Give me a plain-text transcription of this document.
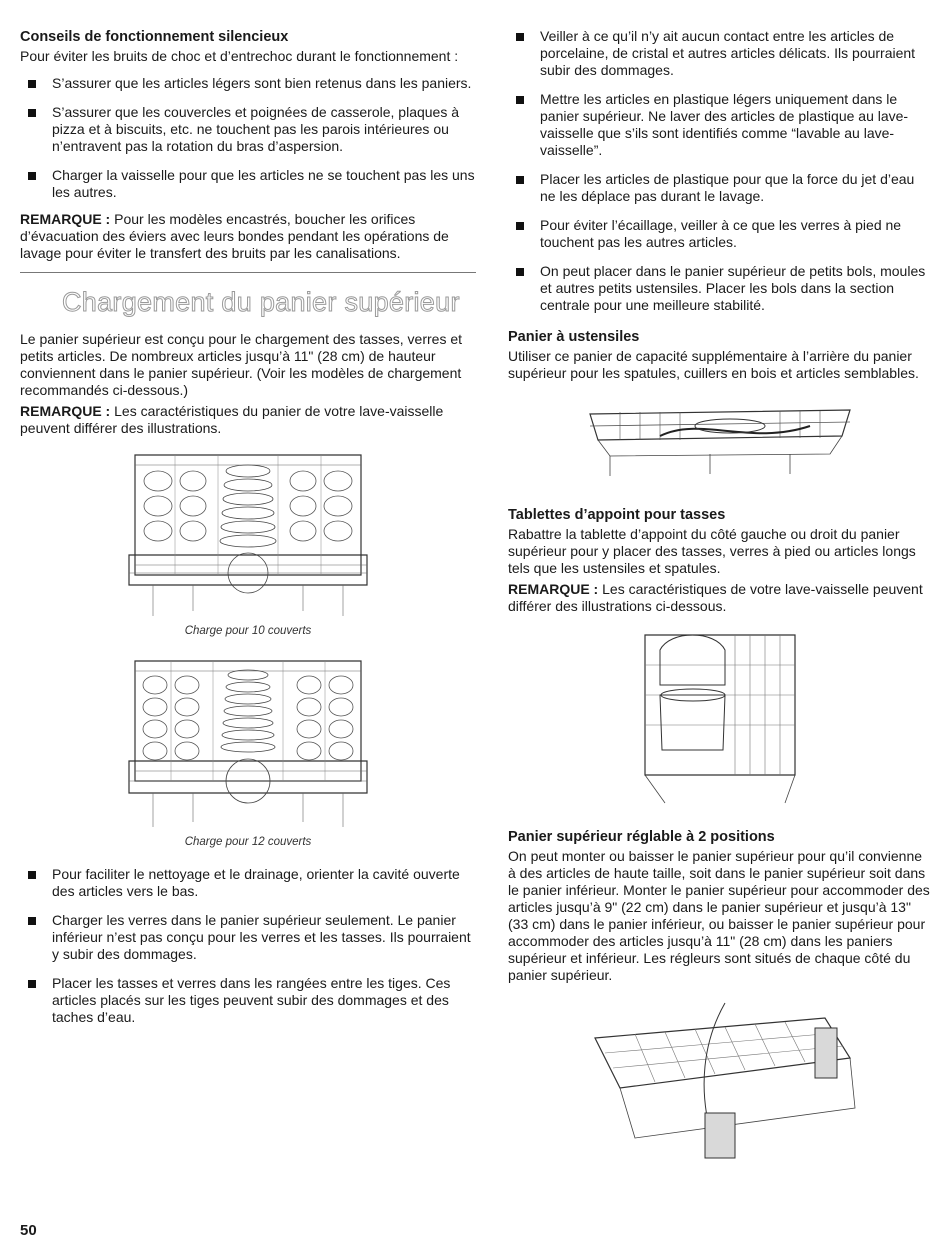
Conseils de fonctionnement silencieux

Pour éviter les bruits de choc et d’entrechoc durant le fonctionnement :

S’assurer que les articles légers sont bien retenus dans les paniers.
S’assurer que les couvercles et poignées de casserole, plaques à pizza et à biscuits, etc. ne touchent pas les parois intérieures ou n’entravent pas la rotation du bras d’aspersion.
Charger la vaisselle pour que les articles ne se touchent pas les uns les autres.

REMARQUE : Pour les modèles encastrés, boucher les orifices d’évacuation des éviers avec leurs bondes pendant les opérations de lavage pour éviter le transfert des bruits par les canalisations.

Chargement du panier supérieur

Le panier supérieur est conçu pour le chargement des tasses, verres et petits articles. De nombreux articles jusqu’à 11" (28 cm) de hauteur conviennent dans le panier supérieur. (Voir les modèles de chargement recommandés ci-dessous.)

REMARQUE : Les caractéristiques du panier de votre lave-vaisselle peuvent différer des illustrations.

Charge pour 10 couverts
Charge pour 12 couverts
Pour faciliter le nettoyage et le drainage, orienter la cavité ouverte des articles vers le bas.
Charger les verres dans le panier supérieur seulement. Le panier inférieur n’est pas conçu pour les verres et les tasses. Ils pourraient y subir des dommages.
Placer les tasses et verres dans les rangées entre les tiges. Ces articles placés sur les tiges peuvent subir des dommages et des taches d’eau.
Veiller à ce qu’il n’y ait aucun contact entre les articles de porcelaine, de cristal et autres articles délicats. Ils pourraient subir des dommages.
Mettre les articles en plastique légers uniquement dans le panier supérieur. Ne laver des articles de plastique au lave-vaisselle que s’ils sont identifiés comme “lavable au lave-vaisselle”.
Placer les articles de plastique pour que la force du jet d’eau ne les déplace pas durant le lavage.
Pour éviter l’écaillage, veiller à ce que les verres à pied ne touchent pas les autres articles.
On peut placer dans le panier supérieur de petits bols, moules et autres petits ustensiles. Placer les bols dans la section centrale pour une meilleure stabilité.
Panier à ustensiles

Utiliser ce panier de capacité supplémentaire à l’arrière du panier supérieur pour les spatules, cuillers en bois et articles semblables.

Tablettes d’appoint pour tasses

Rabattre la tablette d’appoint du côté gauche ou droit du panier supérieur pour y placer des tasses, verres à pied ou articles longs tels que les ustensiles et spatules.

REMARQUE : Les caractéristiques de votre lave-vaisselle peuvent différer des illustrations ci-dessous.

Panier supérieur réglable à 2 positions

On peut monter ou baisser le panier supérieur pour qu’il convienne à des articles de haute taille, soit dans le panier supérieur soit dans le panier inférieur. Monter le panier supérieur pour accommoder des articles jusqu’à 9" (22 cm) dans le panier supérieur et jusqu’à 13" (33 cm) dans le panier inférieur, ou baisser le panier supérieur pour accommoder des articles jusqu’à 11" (28 cm) dans les paniers supérieur et inférieur. Les régleurs sont situés de chaque côté du panier supérieur.

50
